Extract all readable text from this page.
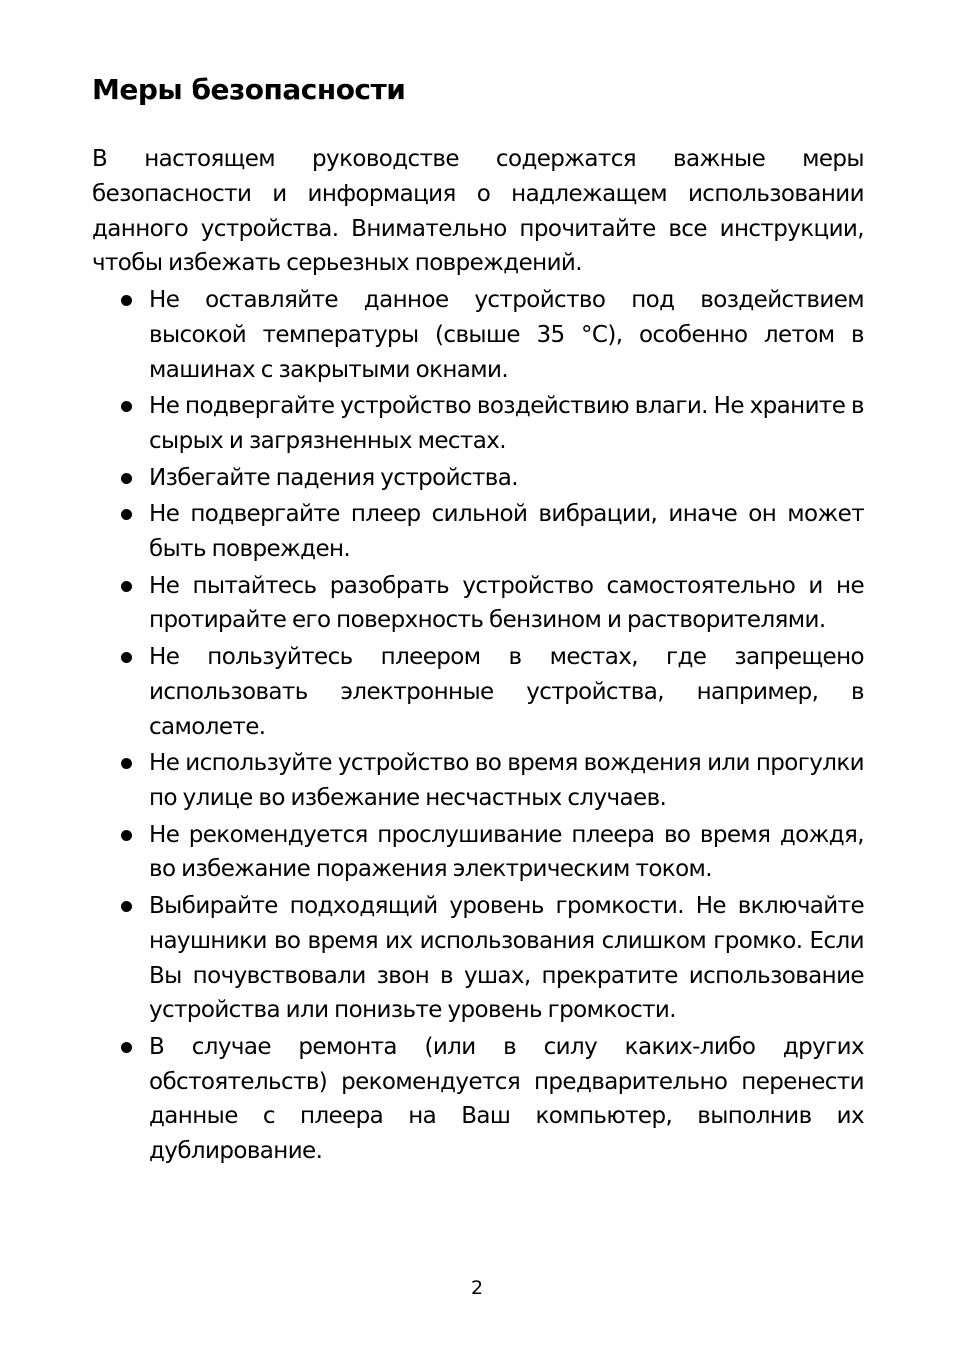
Меры безопасности

В настоящем руководстве содержатся важные меры безопасности и информация о надлежащем использовании данного устройства. Внимательно прочитайте все инструкции, чтобы избежать серьезных повреждений.

Не оставляйте данное устройство под воздействием высокой температуры (свыше 35 °С), особенно летом в машинах с закрытыми окнами.
Не подвергайте устройство воздействию влаги. Не храните в сырых и загрязненных местах.
Избегайте падения устройства.
Не подвергайте плеер сильной вибрации, иначе он может быть поврежден.
Не пытайтесь разобрать устройство самостоятельно и не протирайте его поверхность бензином и растворителями.
Не пользуйтесь плеером в местах, где запрещено использовать электронные устройства, например, в самолете.
Не используйте устройство во время вождения или прогулки по улице во избежание несчастных случаев.
Не рекомендуется прослушивание плеера во время дождя, во избежание поражения электрическим током.
Выбирайте подходящий уровень громкости. Не включайте наушники во время их использования слишком громко. Если Вы почувствовали звон в ушах, прекратите использование устройства или понизьте уровень громкости.
В случае ремонта (или в силу каких-либо других обстоятельств) рекомендуется предварительно перенести данные с плеера на Ваш компьютер, выполнив их дублирование.
2
